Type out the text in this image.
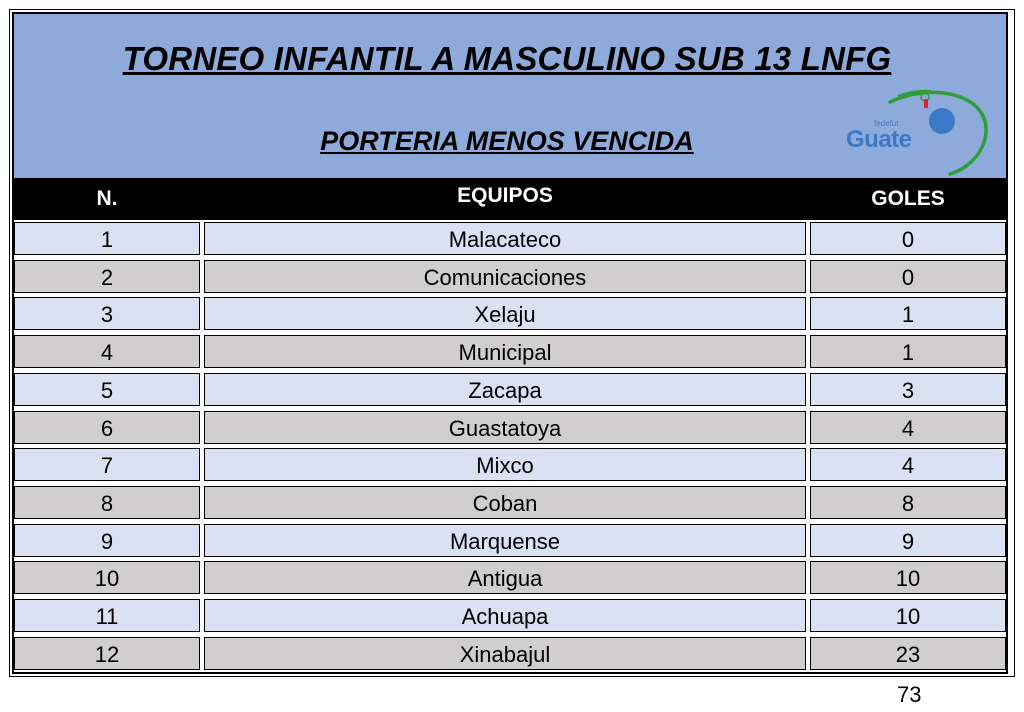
TORNEO INFANTIL A MASCULINO SUB 13 LNFG
PORTERIA MENOS VENCIDA
fedefut
Guate
N.	EQUIPOS	GOLES
1	Malacateco	0
2	Comunicaciones	0
3	Xelaju	1
4	Municipal	1
5	Zacapa	3
6	Guastatoya	4
7	Mixco	4
8	Coban	8
9	Marquense	9
10	Antigua	10
11	Achuapa	10
12	Xinabajul	23
73
